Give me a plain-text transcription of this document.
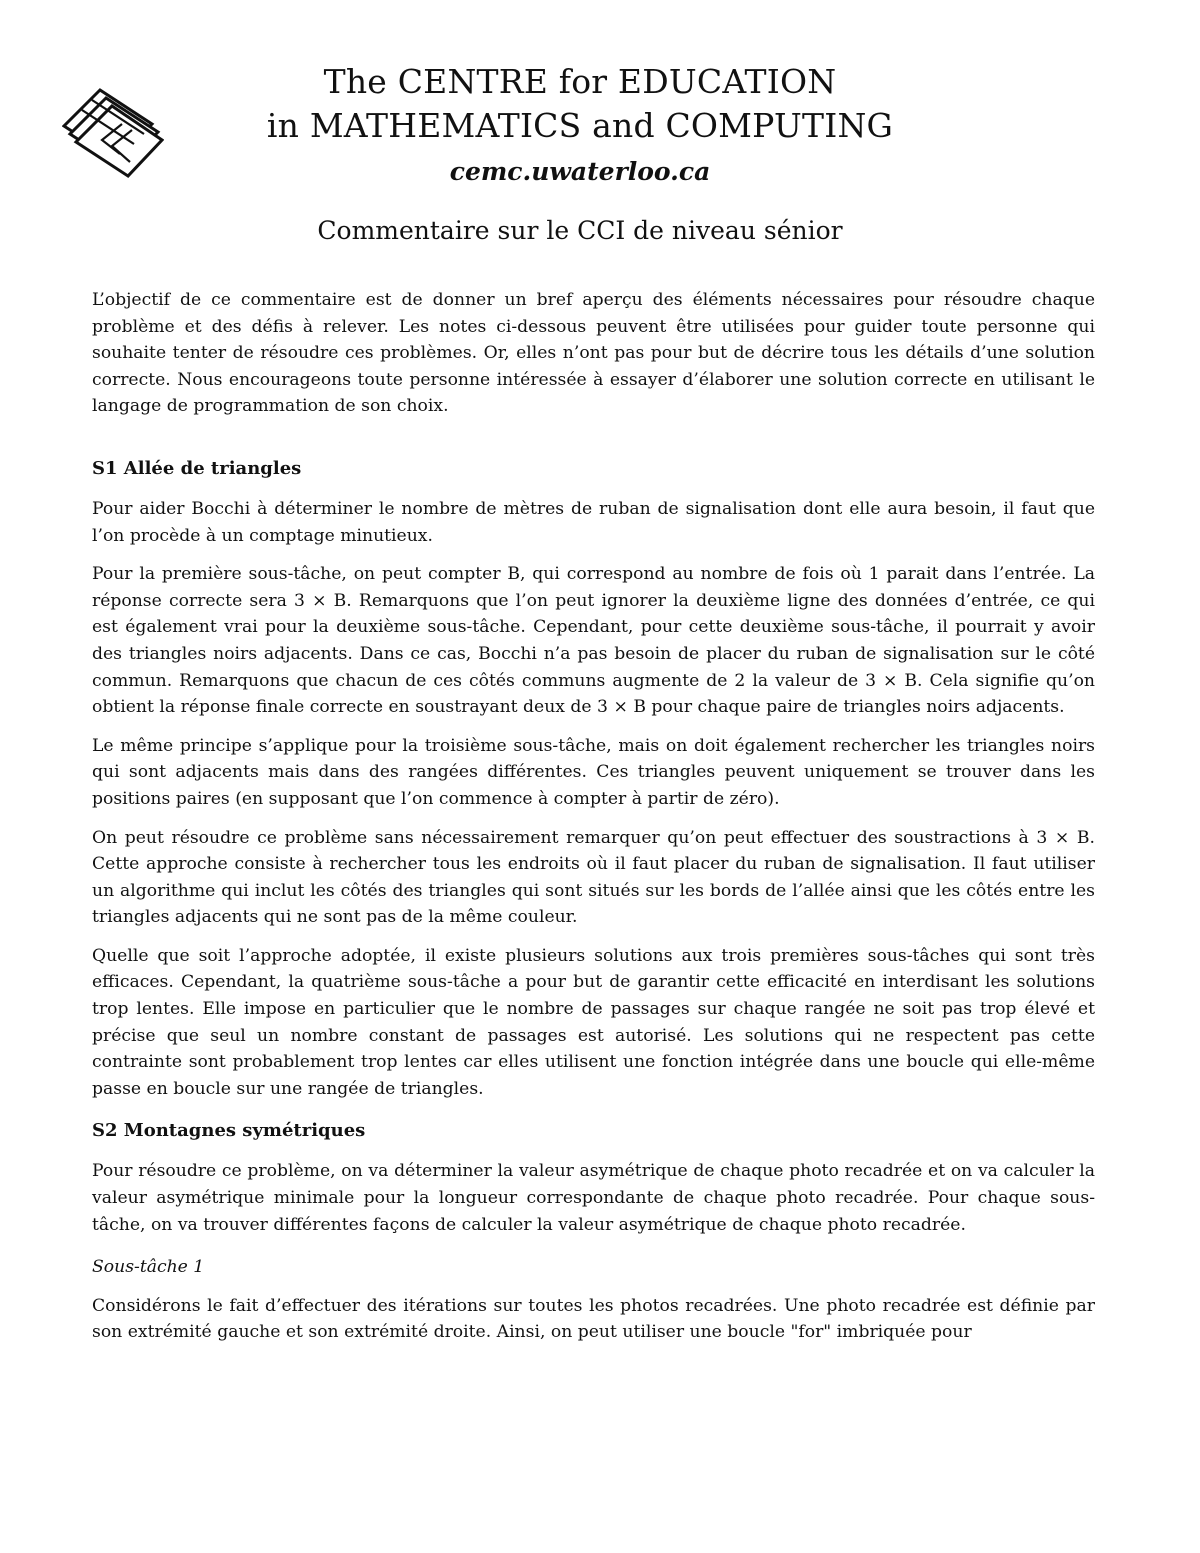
The CENTRE for EDUCATION
in MATHEMATICS and COMPUTING
cemc.uwaterloo.ca
Commentaire sur le CCI de niveau sénior

L’objectif de ce commentaire est de donner un bref aperçu des éléments nécessaires pour résoudre chaque problème et des défis à relever. Les notes ci-dessous peuvent être utilisées pour guider toute personne qui souhaite tenter de résoudre ces problèmes. Or, elles n’ont pas pour but de décrire tous les détails d’une solution correcte. Nous encourageons toute personne intéressée à essayer d’élaborer une solution correcte en utilisant le langage de programmation de son choix.

S1 Allée de triangles

Pour aider Bocchi à déterminer le nombre de mètres de ruban de signalisation dont elle aura besoin, il faut que l’on procède à un comptage minutieux.

Pour la première sous-tâche, on peut compter B, qui correspond au nombre de fois où 1 parait dans l’entrée. La réponse correcte sera 3 × B. Remarquons que l’on peut ignorer la deuxième ligne des données d’entrée, ce qui est également vrai pour la deuxième sous-tâche. Cependant, pour cette deuxième sous-tâche, il pourrait y avoir des triangles noirs adjacents. Dans ce cas, Bocchi n’a pas besoin de placer du ruban de signalisation sur le côté commun. Remarquons que chacun de ces côtés communs augmente de 2 la valeur de 3 × B. Cela signifie qu’on obtient la réponse finale correcte en soustrayant deux de 3 × B pour chaque paire de triangles noirs adjacents.

Le même principe s’applique pour la troisième sous-tâche, mais on doit également rechercher les triangles noirs qui sont adjacents mais dans des rangées différentes. Ces triangles peuvent uniquement se trouver dans les positions paires (en supposant que l’on commence à compter à partir de zéro).

On peut résoudre ce problème sans nécessairement remarquer qu’on peut effectuer des soustractions à 3 × B. Cette approche consiste à rechercher tous les endroits où il faut placer du ruban de signalisation. Il faut utiliser un algorithme qui inclut les côtés des triangles qui sont situés sur les bords de l’allée ainsi que les côtés entre les triangles adjacents qui ne sont pas de la même couleur.

Quelle que soit l’approche adoptée, il existe plusieurs solutions aux trois premières sous-tâches qui sont très efficaces. Cependant, la quatrième sous-tâche a pour but de garantir cette efficacité en interdisant les solutions trop lentes. Elle impose en particulier que le nombre de passages sur chaque rangée ne soit pas trop élevé et précise que seul un nombre constant de passages est autorisé. Les solutions qui ne respectent pas cette contrainte sont probablement trop lentes car elles utilisent une fonction intégrée dans une boucle qui elle-même passe en boucle sur une rangée de triangles.

S2 Montagnes symétriques

Pour résoudre ce problème, on va déterminer la valeur asymétrique de chaque photo recadrée et on va calculer la valeur asymétrique minimale pour la longueur correspondante de chaque photo recadrée. Pour chaque sous-tâche, on va trouver différentes façons de calculer la valeur asymétrique de chaque photo recadrée.

Sous-tâche 1

Considérons le fait d’effectuer des itérations sur toutes les photos recadrées. Une photo recadrée est définie par son extrémité gauche et son extrémité droite. Ainsi, on peut utiliser une boucle "for" imbriquée pour
